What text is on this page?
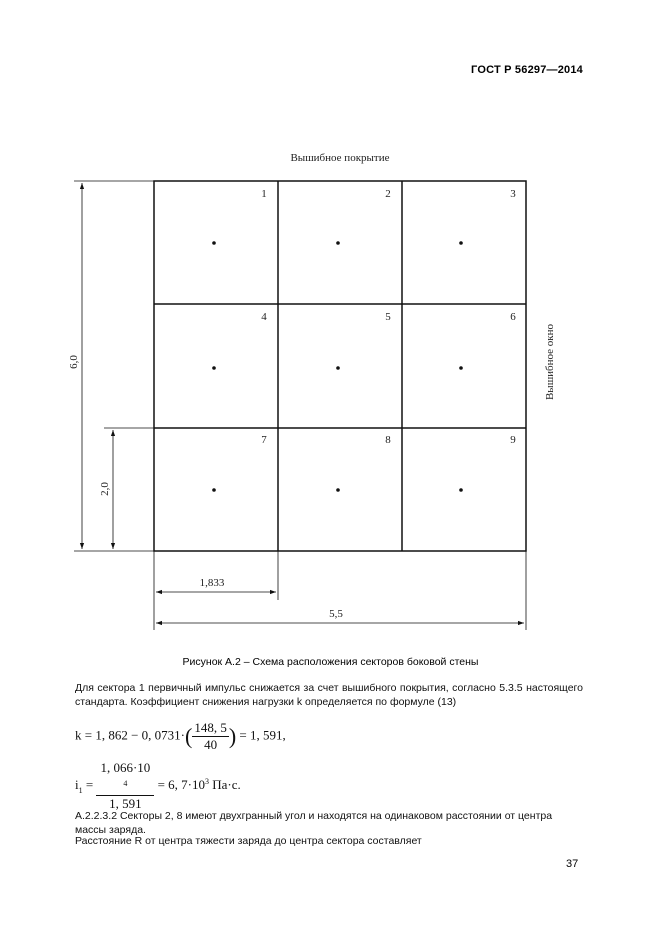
ГОСТ Р 56297—2014
Вышибное покрытие
1	2	3
4	5	6
7	8	9
Вышибное окно
6,0
2,0
1,833
5,5
Рисунок А.2 – Схема расположения секторов боковой стены
Для сектора 1 первичный импульс снижается за счет вышибного покрытия, согласно 5.3.5 настоящего стандарта. Коэффициент снижения нагрузки k определяется по формуле (13)
k = 1, 862 − 0, $0731\cdot( \frac{148, 5}{40}$ ) = 1, 591,
$i_1 = 1$, 066·10
$^4$
1, 591 = 6, $7\cdot 10^3$ Па·с.
А.2.2.3.2 Секторы 2, 8 имеют двухгранный угол и находятся на одинаковом расстоянии от центра массы заряда.
Расстояние R от центра тяжести заряда до центра сектора составляет
37
